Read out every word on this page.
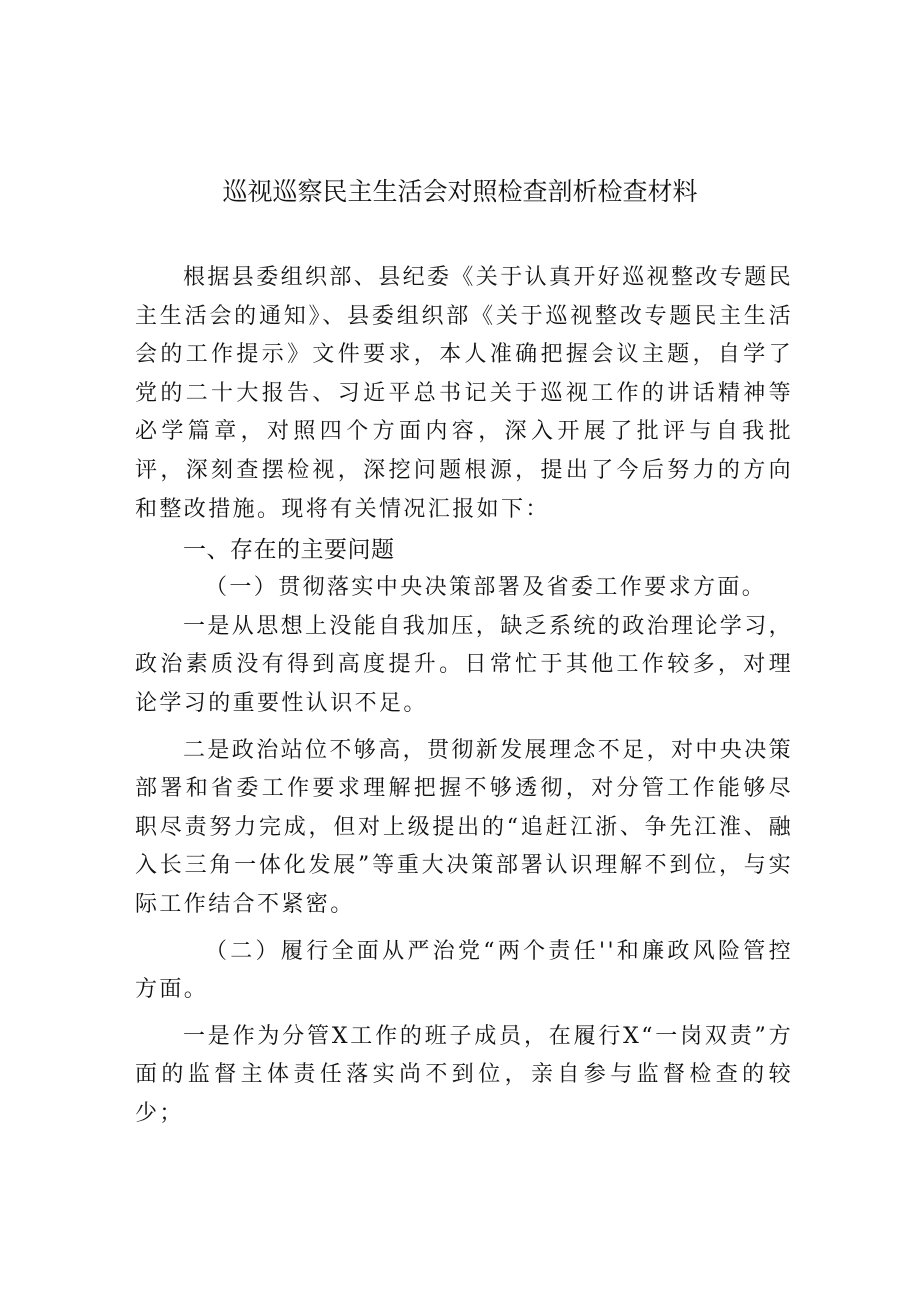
巡视巡察民主生活会对照检查剖析检查材料

根据县委组织部、县纪委《关于认真开好巡视整改专题民主生活会的通知》、县委组织部《关于巡视整改专题民主生活会的工作提示》文件要求，本人准确把握会议主题，自学了党的二十大报告、习近平总书记关于巡视工作的讲话精神等必学篇章，对照四个方面内容，深入开展了批评与自我批评，深刻查摆检视，深挖问题根源，提出了今后努力的方向和整改措施。现将有关情况汇报如下：

一、存在的主要问题

（一）贯彻落实中央决策部署及省委工作要求方面。

一是从思想上没能自我加压，缺乏系统的政治理论学习，政治素质没有得到高度提升。日常忙于其他工作较多，对理论学习的重要性认识不足。

二是政治站位不够高，贯彻新发展理念不足，对中央决策部署和省委工作要求理解把握不够透彻，对分管工作能够尽职尽责努力完成，但对上级提出的“追赶江浙、争先江淮、融入长三角一体化发展”等重大决策部署认识理解不到位，与实际工作结合不紧密。

（二）履行全面从严治党“两个责任''和廉政风险管控方面。

一是作为分管X工作的班子成员，在履行X“一岗双责”方面的监督主体责任落实尚不到位，亲自参与监督检查的较少；
